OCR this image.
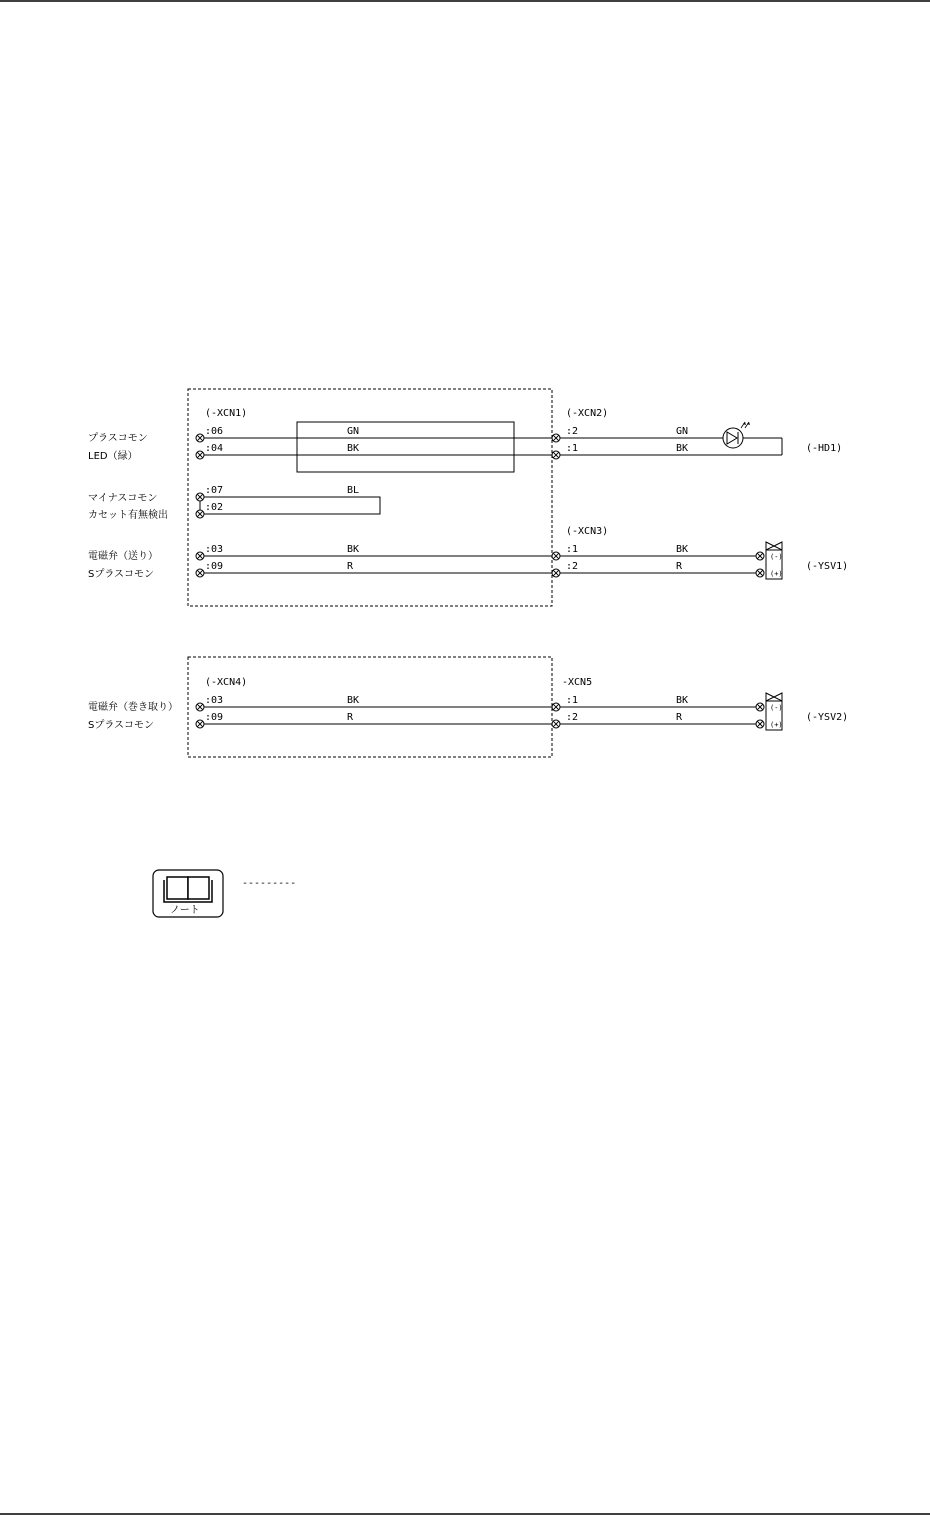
(-XCN1)	(-XCN2)
(-XCN3)
プラスコモン
LED（緑）
マイナスコモン
カセット有無検出
電磁弁（送り）
Sプラスコモン
:06
:04
:07
:02
:03
:09
:2
:1
:1
:2
GN
BK
BL
BK
R
GN
BK
BK
R
(-)
(+)
(-HD1)
(-YSV1)
(-XCN4)	-XCN5
電磁弁（巻き取り）
Sプラスコモン
:03
:09
:1
:2
BK
R
BK
R
(-)
(+)
(-YSV2)
ノート
---------
